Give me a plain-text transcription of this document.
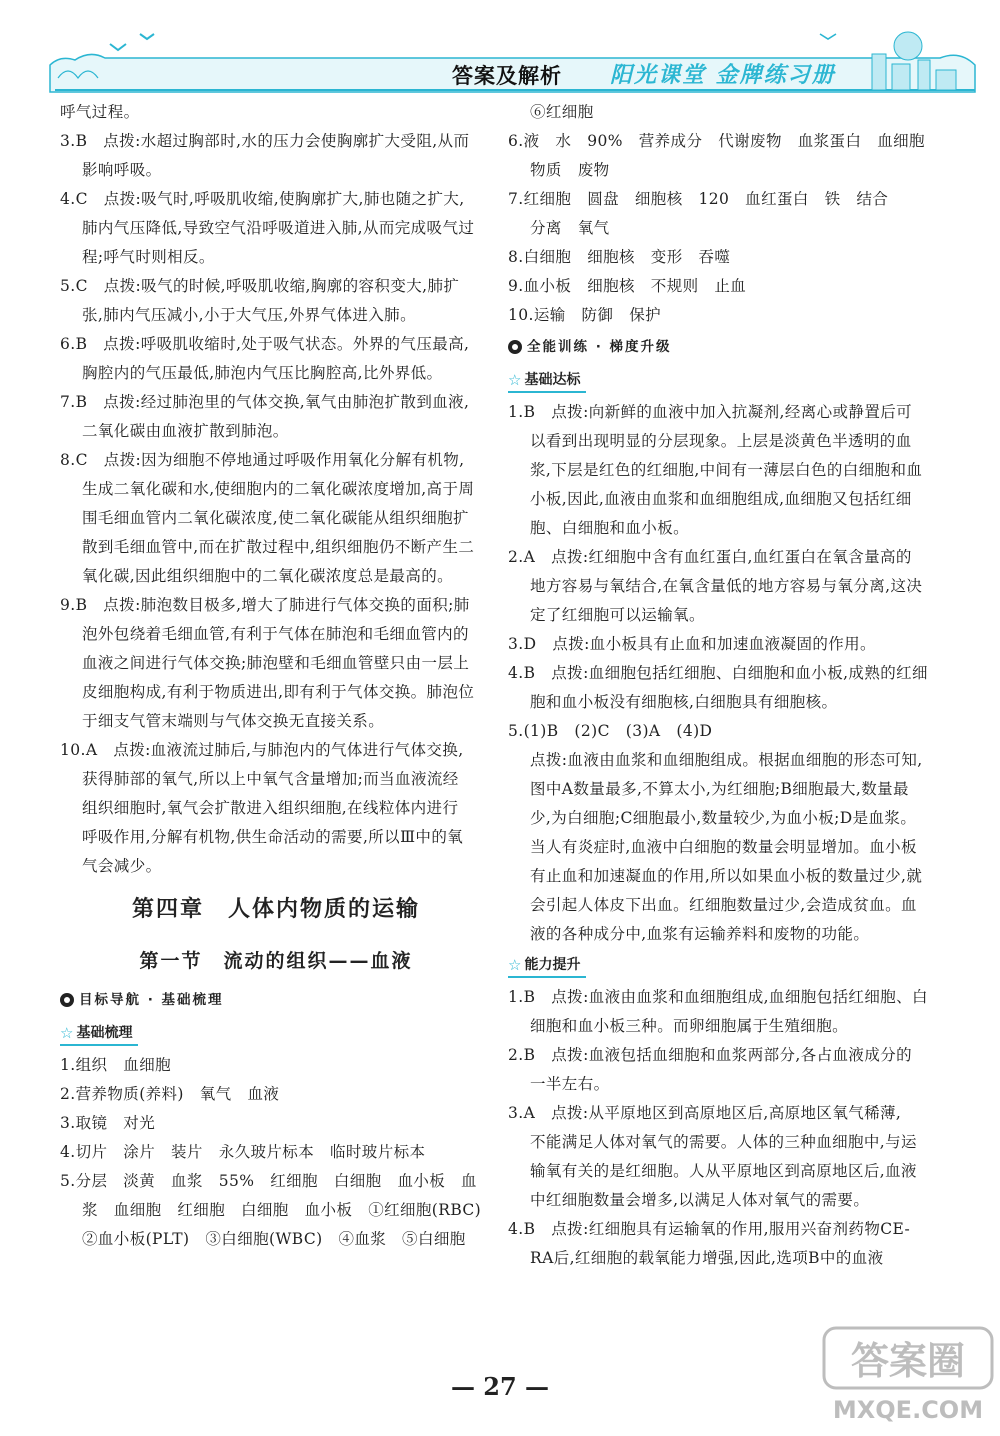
答案及解析 阳光课堂 金牌练习册
呼气过程。
3.B　点拨:水超过胸部时,水的压力会使胸廓扩大受阻,从而
影响呼吸。
4.C　点拨:吸气时,呼吸肌收缩,使胸廓扩大,肺也随之扩大,
肺内气压降低,导致空气沿呼吸道进入肺,从而完成吸气过
程;呼气时则相反。
5.C　点拨:吸气的时候,呼吸肌收缩,胸廓的容积变大,肺扩
张,肺内气压减小,小于大气压,外界气体进入肺。
6.B　点拨:呼吸肌收缩时,处于吸气状态。外界的气压最高,
胸腔内的气压最低,肺泡内气压比胸腔高,比外界低。
7.B　点拨:经过肺泡里的气体交换,氧气由肺泡扩散到血液,
二氧化碳由血液扩散到肺泡。
8.C　点拨:因为细胞不停地通过呼吸作用氧化分解有机物,
生成二氧化碳和水,使细胞内的二氧化碳浓度增加,高于周
围毛细血管内二氧化碳浓度,使二氧化碳能从组织细胞扩
散到毛细血管中,而在扩散过程中,组织细胞仍不断产生二
氧化碳,因此组织细胞中的二氧化碳浓度总是最高的。
9.B　点拨:肺泡数目极多,增大了肺进行气体交换的面积;肺
泡外包绕着毛细血管,有利于气体在肺泡和毛细血管内的
血液之间进行气体交换;肺泡壁和毛细血管壁只由一层上
皮细胞构成,有利于物质进出,即有利于气体交换。肺泡位
于细支气管末端则与气体交换无直接关系。
10.A　点拨:血液流过肺后,与肺泡内的气体进行气体交换,
获得肺部的氧气,所以上中氧气含量增加;而当血液流经
组织细胞时,氧气会扩散进入组织细胞,在线粒体内进行
呼吸作用,分解有机物,供生命活动的需要,所以Ⅲ中的氧
气会减少。
第四章　人体内物质的运输
第一节　流动的组织——血液
目标导航 · 基础梳理
☆ 基础梳理
1.组织　血细胞
2.营养物质(养料)　氧气　血液
3.取镜　对光
4.切片　涂片　装片　永久玻片标本　临时玻片标本
5.分层　淡黄　血浆　55%　红细胞　白细胞　血小板　血
浆　血细胞　红细胞　白细胞　血小板　①红细胞(RBC)
②血小板(PLT)　③白细胞(WBC)　④血浆　⑤白细胞
⑥红细胞
6.液　水　90%　营养成分　代谢废物　血浆蛋白　血细胞
物质　废物
7.红细胞　圆盘　细胞核　120　血红蛋白　铁　结合
分离　氧气
8.白细胞　细胞核　变形　吞噬
9.血小板　细胞核　不规则　止血
10.运输　防御　保护
全能训练 · 梯度升级
☆ 基础达标
1.B　点拨:向新鲜的血液中加入抗凝剂,经离心或静置后可
以看到出现明显的分层现象。上层是淡黄色半透明的血
浆,下层是红色的红细胞,中间有一薄层白色的白细胞和血
小板,因此,血液由血浆和血细胞组成,血细胞又包括红细
胞、白细胞和血小板。
2.A　点拨:红细胞中含有血红蛋白,血红蛋白在氧含量高的
地方容易与氧结合,在氧含量低的地方容易与氧分离,这决
定了红细胞可以运输氧。
3.D　点拨:血小板具有止血和加速血液凝固的作用。
4.B　点拨:血细胞包括红细胞、白细胞和血小板,成熟的红细
胞和血小板没有细胞核,白细胞具有细胞核。
5.(1)B　(2)C　(3)A　(4)D
点拨:血液由血浆和血细胞组成。根据血细胞的形态可知,
图中A数量最多,不算太小,为红细胞;B细胞最大,数量最
少,为白细胞;C细胞最小,数量较少,为血小板;D是血浆。
当人有炎症时,血液中白细胞的数量会明显增加。血小板
有止血和加速凝血的作用,所以如果血小板的数量过少,就
会引起人体皮下出血。红细胞数量过少,会造成贫血。血
液的各种成分中,血浆有运输养料和废物的功能。
☆ 能力提升
1.B　点拨:血液由血浆和血细胞组成,血细胞包括红细胞、白
细胞和血小板三种。而卵细胞属于生殖细胞。
2.B　点拨:血液包括血细胞和血浆两部分,各占血液成分的
一半左右。
3.A　点拨:从平原地区到高原地区后,高原地区氧气稀薄,
不能满足人体对氧气的需要。人体的三种血细胞中,与运
输氧有关的是红细胞。人从平原地区到高原地区后,血液
中红细胞数量会增多,以满足人体对氧气的需要。
4.B　点拨:红细胞具有运输氧的作用,服用兴奋剂药物CE-
RA后,红细胞的载氧能力增强,因此,选项B中的血液
— 27 —
答案圈
MXQE.COM
